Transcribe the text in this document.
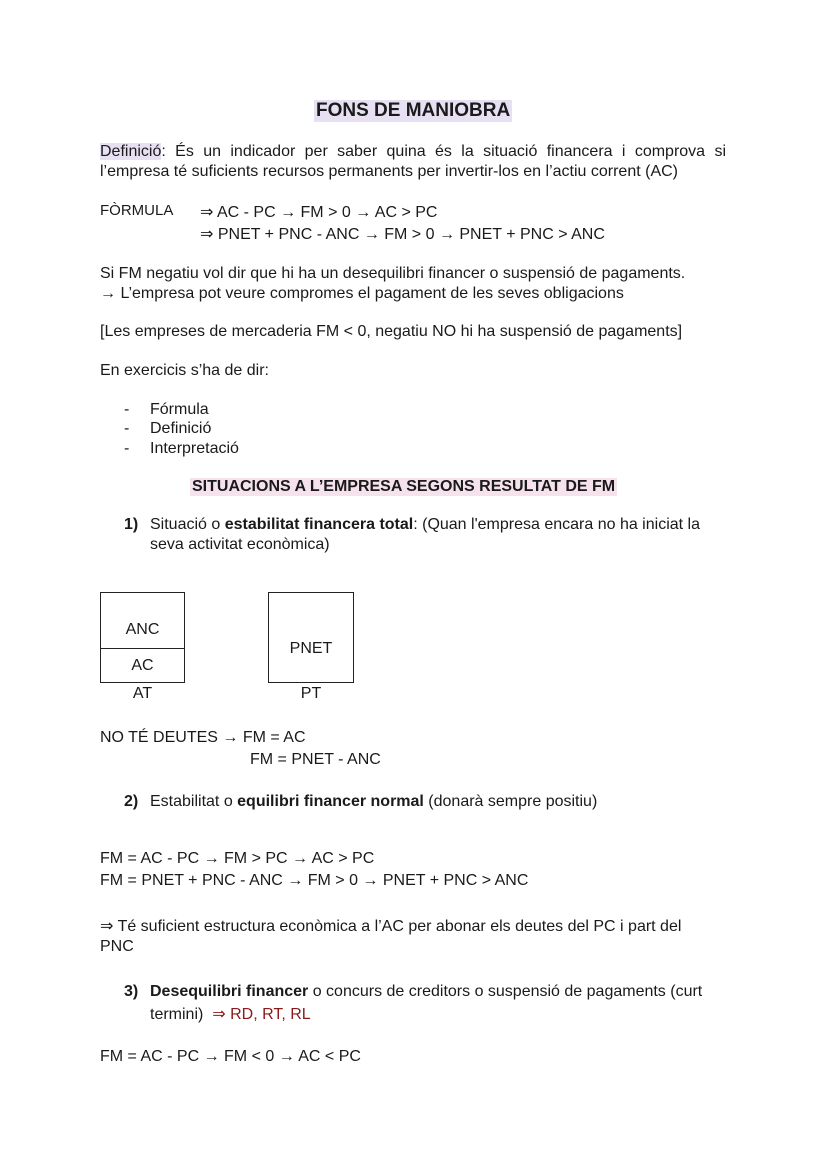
FONS DE MANIOBRA
Definició: És un indicador per saber quina és la situació financera i comprova si
l’empresa té suficients recursos permanents per invertir-los en l’actiu corrent (AC)
FÒRMULA ⇒ AC - PC → FM > 0 → AC > PC
⇒ PNET + PNC - ANC → FM > 0 → PNET + PNC > ANC
Si FM negatiu vol dir que hi ha un desequilibri financer o suspensió de pagaments.
→ L’empresa pot veure compromes el pagament de les seves obligacions
[Les empreses de mercaderia FM < 0, negatiu NO hi ha suspensió de pagaments]
En exercicis s’ha de dir:
- Fórmula
- Definició
- Interpretació
SITUACIONS A L’EMPRESA SEGONS RESULTAT DE FM
1) Situació o estabilitat financera total: (Quan l'empresa encara no ha iniciat la
seva activitat econòmica)
ANC
AC
AT
PNET
PT
NO TÉ DEUTES → FM = AC
FM = PNET - ANC
2) Estabilitat o equilibri financer normal (donarà sempre positiu)
FM = AC - PC → FM > PC → AC > PC
FM = PNET + PNC - ANC → FM > 0 → PNET + PNC > ANC
⇒ Té suficient estructura econòmica a l’AC per abonar els deutes del PC i part del
PNC
3) Desequilibri financer o concurs de creditors o suspensió de pagaments (curt
termini)  ⇒ RD, RT, RL
FM = AC - PC → FM < 0 → AC < PC
